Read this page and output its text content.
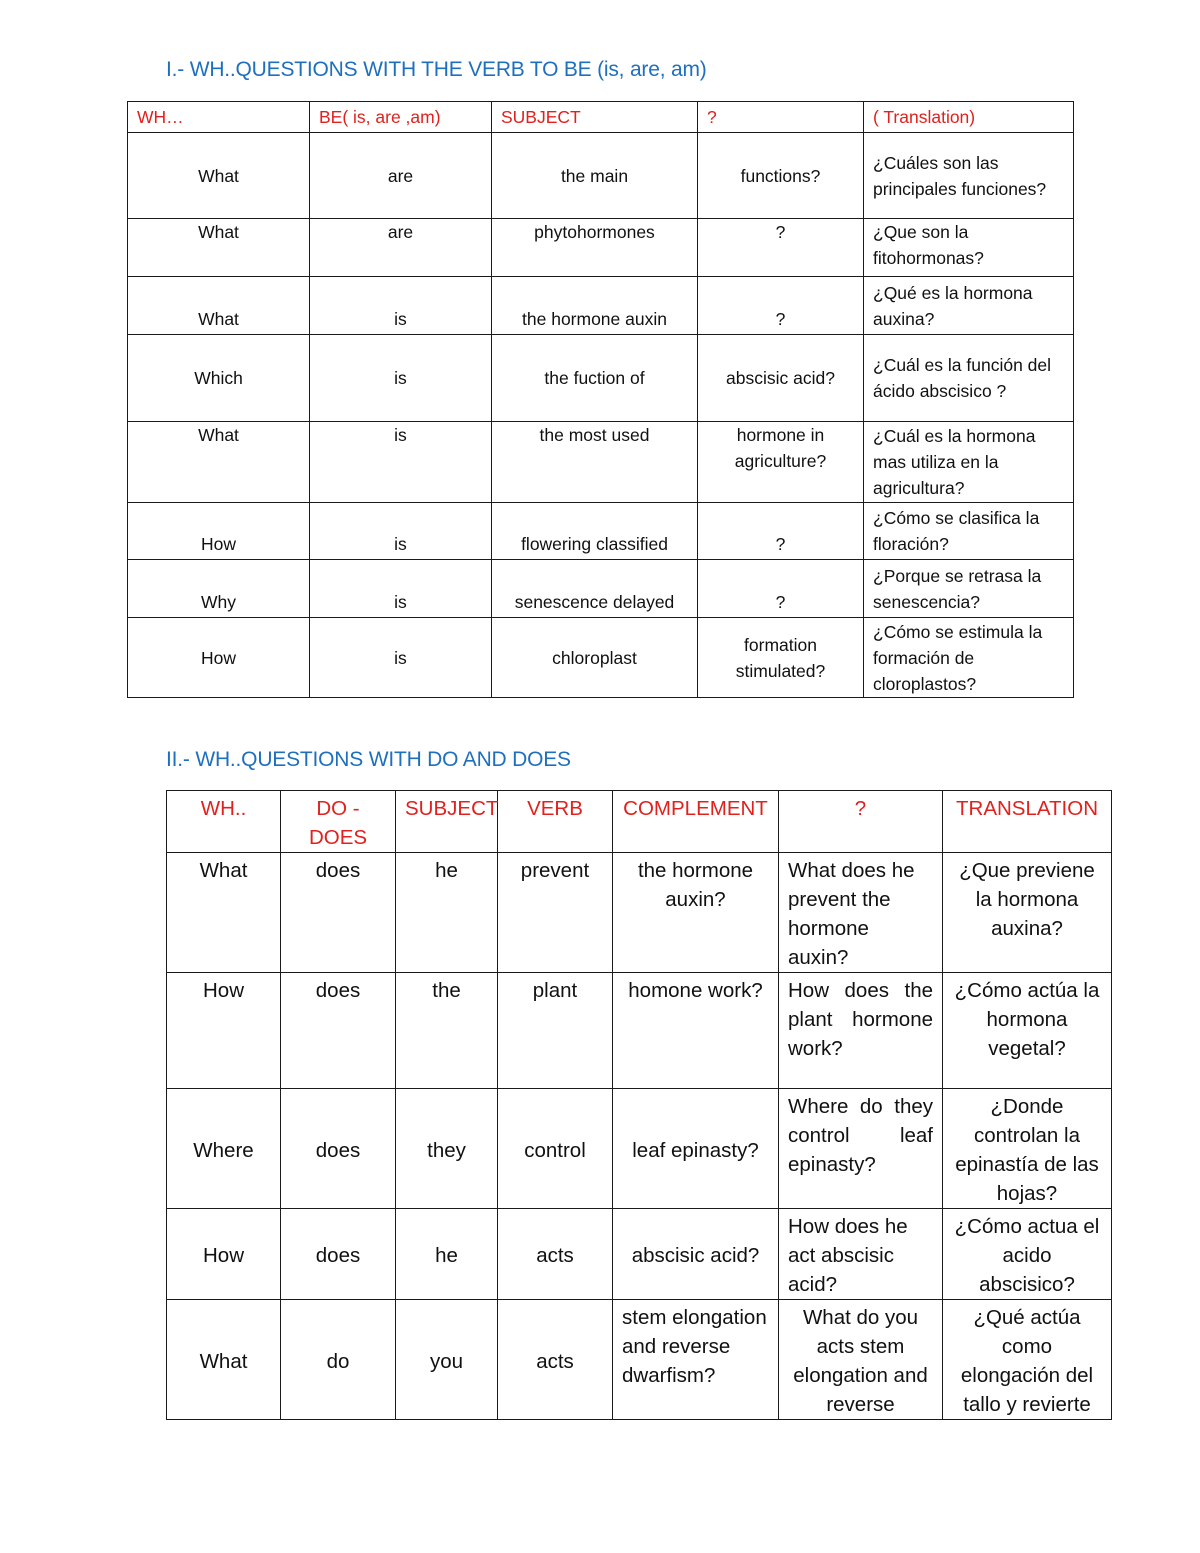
I.- WH..QUESTIONS WITH THE VERB TO BE (is, are, am)
WH…	BE( is, are ,am)	SUBJECT	?	( Translation)
What	are	the main	functions?	¿Cuáles son las principales funciones?
What	are	phytohormones	?	¿Que son la fitohormonas?
What	is	the hormone auxin	?	¿Qué es la hormona auxina?
Which	is	the fuction of	abscisic acid?	¿Cuál es la función del ácido abscisico ?
What	is	the most used	hormone in agriculture?	¿Cuál es la hormona mas utiliza en la agricultura?
How	is	flowering classified	?	¿Cómo se clasifica la floración?
Why	is	senescence delayed	?	¿Porque se retrasa la senescencia?
How	is	chloroplast	formation stimulated?	¿Cómo se estimula la formación de cloroplastos?
II.- WH..QUESTIONS WITH DO AND DOES
WH..	DO - DOES	SUBJECT	VERB	COMPLEMENT	?	TRANSLATION
What	does	he	prevent	the hormone auxin?	What does he prevent the hormone auxin?	¿Que previene la hormona auxina?
How	does	the	plant	homone work?	How does the plant hormone work?	¿Cómo actúa la hormona vegetal?
Where	does	they	control	leaf epinasty?	Where do they control leaf epinasty?	¿Donde controlan la epinastía de las hojas?
How	does	he	acts	abscisic acid?	How does he act abscisic acid?	¿Cómo actua el acido abscisico?
What	do	you	acts	stem elongation and reverse dwarfism?	What do you acts stem elongation and reverse	¿Qué actúa como elongación del tallo y revierte
